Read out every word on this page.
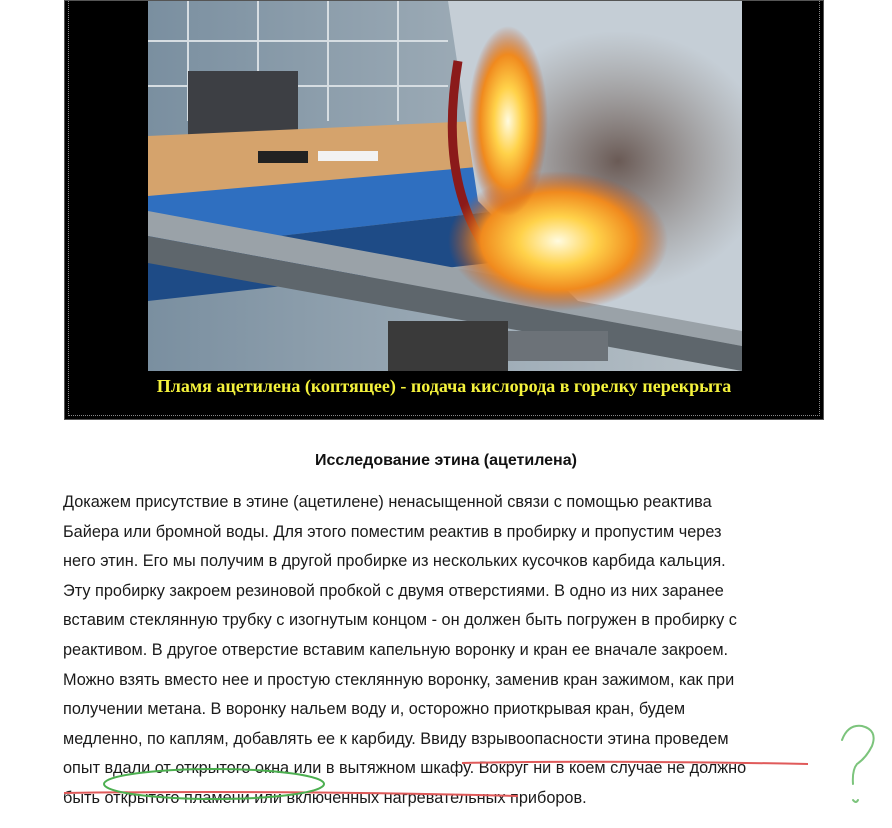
Пламя ацетилена (коптящее) - подача кислорода в горелку перекрыта
Исследование этина (ацетилена)

Докажем присутствие в этине (ацетилене) ненасыщенной связи с помощью реактива
Байера или бромной воды. Для этого поместим реактив в пробирку и пропустим через
него этин. Его мы получим в другой пробирке из нескольких кусочков карбида кальция.
Эту пробирку закроем резиновой пробкой с двумя отверстиями. В одно из них заранее
вставим стеклянную трубку с изогнутым концом - он должен быть погружен в пробирку с
реактивом. В другое отверстие вставим капельную воронку и кран ее вначале закроем.
Можно взять вместо нее и простую стеклянную воронку, заменив кран зажимом, как при
получении метана. В воронку нальем воду и, осторожно приоткрывая кран, будем
медленно, по каплям, добавлять ее к карбиду. Ввиду взрывоопасности этина проведем
опыт вдали от открытого окна или в вытяжном шкафу. Вокруг ни в коем случае не должно
быть открытого пламени или включенных нагревательных приборов.
